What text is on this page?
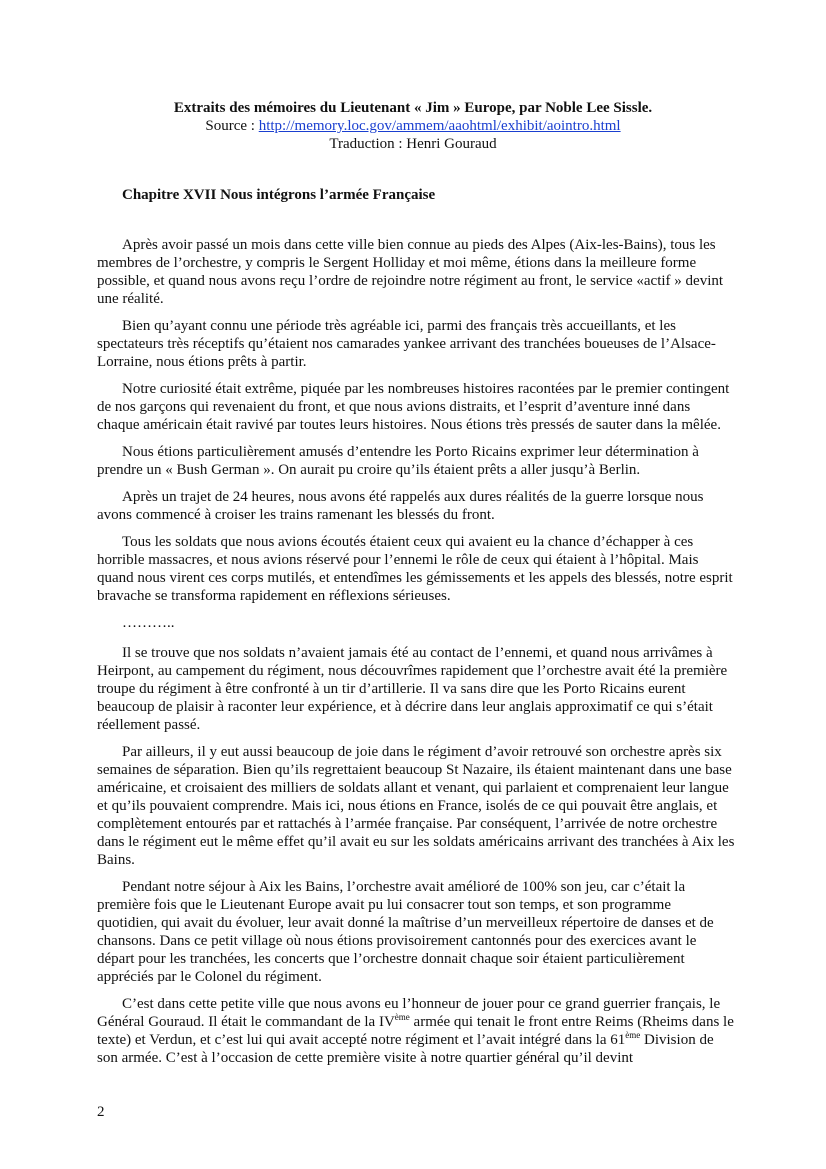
Extraits des mémoires du Lieutenant « Jim » Europe, par Noble Lee Sissle.
Source : http://memory.loc.gov/ammem/aaohtml/exhibit/aointro.html
Traduction : Henri Gouraud
Chapitre XVII Nous intégrons l’armée Française

Après avoir passé un mois dans cette ville bien connue au pieds des Alpes (Aix-les-Bains), tous les membres de l’orchestre, y compris le Sergent Holliday et moi même, étions dans la meilleure forme possible, et quand nous avons reçu l’ordre de rejoindre notre régiment au front, le service «actif » devint une réalité.

Bien qu’ayant connu une période très agréable ici, parmi des français très accueillants, et les spectateurs très réceptifs qu’étaient nos camarades yankee arrivant des tranchées boueuses de l’Alsace-Lorraine, nous étions prêts à partir.

Notre curiosité était extrême, piquée par les nombreuses histoires racontées par le premier contingent de nos garçons qui revenaient du front, et que nous avions distraits, et l’esprit d’aventure inné dans chaque américain était ravivé par toutes leurs histoires. Nous étions très pressés de sauter dans la mêlée.

Nous étions particulièrement amusés d’entendre les Porto Ricains exprimer leur détermination à prendre un « Bush German ». On aurait pu croire qu’ils étaient prêts a aller jusqu’à Berlin.

Après un trajet de 24 heures, nous avons été rappelés aux dures réalités de la guerre lorsque nous avons commencé à croiser les trains ramenant les blessés du front.

Tous les soldats que nous avions écoutés étaient ceux qui avaient eu la chance d’échapper à ces horrible massacres, et nous avions réservé pour l’ennemi le rôle de ceux qui étaient à l’hôpital. Mais quand nous virent ces corps mutilés, et entendîmes les gémissements et les appels des blessés, notre esprit bravache se transforma rapidement en réflexions sérieuses.

………..

Il se trouve que nos soldats n’avaient jamais été au contact de l’ennemi, et quand nous arrivâmes à Heirpont, au campement du régiment, nous découvrîmes rapidement que l’orchestre avait été la première troupe du régiment à être confronté à un tir d’artillerie. Il va sans dire que les Porto Ricains eurent beaucoup de plaisir à raconter leur expérience, et à décrire dans leur anglais approximatif ce qui s’était réellement passé.

Par ailleurs, il y eut aussi beaucoup de joie dans le régiment d’avoir retrouvé son orchestre après six semaines de séparation. Bien qu’ils regrettaient beaucoup St Nazaire, ils étaient maintenant dans une base américaine, et croisaient des milliers de soldats allant et venant, qui parlaient et comprenaient leur langue et qu’ils pouvaient comprendre. Mais ici, nous étions en France, isolés de ce qui pouvait être anglais, et complètement entourés par et rattachés à l’armée française. Par conséquent, l’arrivée de notre orchestre dans le régiment eut le même effet qu’il avait eu sur les soldats américains arrivant des tranchées à Aix les Bains.

Pendant notre séjour à Aix les Bains, l’orchestre avait amélioré de 100% son jeu, car c’était la première fois que le Lieutenant Europe avait pu lui consacrer tout son temps, et son programme quotidien, qui avait du évoluer, leur avait donné la maîtrise d’un merveilleux répertoire de danses et de chansons. Dans ce petit village où nous étions provisoirement cantonnés pour des exercices avant le départ pour les tranchées, les concerts que l’orchestre donnait chaque soir étaient particulièrement appréciés par le Colonel du régiment.

C’est dans cette petite ville que nous avons eu l’honneur de jouer pour ce grand guerrier français, le Général Gouraud. Il était le commandant de la IVème armée qui tenait le front entre Reims (Rheims dans le texte) et Verdun, et c’est lui qui avait accepté notre régiment et l’avait intégré dans la 61ème Division de son armée. C’est à l’occasion de cette première visite à notre quartier général qu’il devint

2
